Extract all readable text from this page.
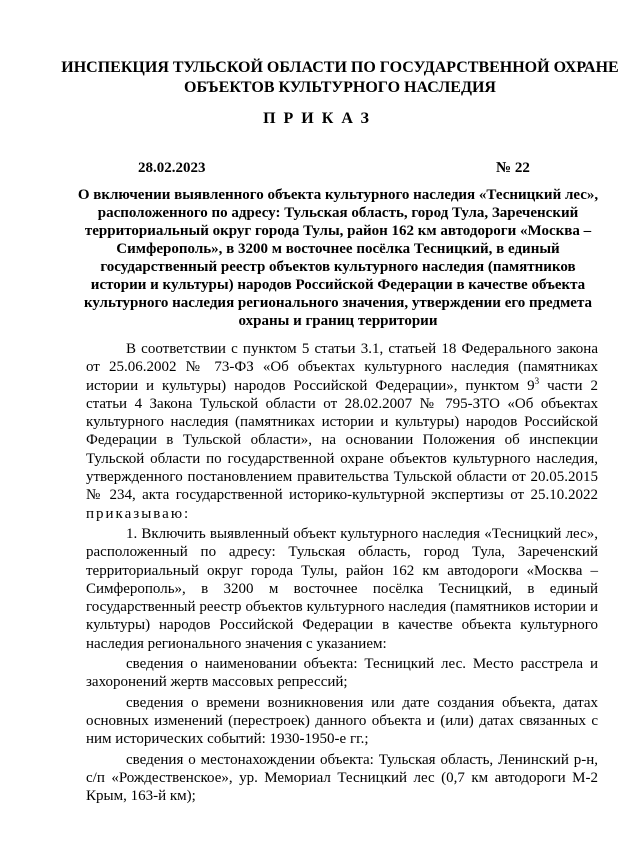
ИНСПЕКЦИЯ ТУЛЬСКОЙ ОБЛАСТИ ПО ГОСУДАРСТВЕННОЙ ОХРАНЕ ОБЪЕКТОВ КУЛЬТУРНОГО НАСЛЕДИЯ
ПРИКАЗ
28.02.2023	№ 22
О включении выявленного объекта культурного наследия «Тесницкий лес», расположенного по адресу: Тульская область, город Тула, Зареченский территориальный округ города Тулы, район 162 км автодороги «Москва – Симферополь», в 3200 м восточнее посёлка Тесницкий, в единый государственный реестр объектов культурного наследия (памятников истории и культуры) народов Российской Федерации в качестве объекта культурного наследия регионального значения, утверждении его предмета охраны и границ территории

В соответствии с пунктом 5 статьи 3.1, статьей 18 Федерального закона от 25.06.2002 № 73-ФЗ «Об объектах культурного наследия (памятниках истории и культуры) народов Российской Федерации», пунктом $9^3$ части 2 статьи 4 Закона Тульской области от 28.02.2007 № 795-ЗТО «Об объектах культурного наследия (памятниках истории и культуры) народов Российской Федерации в Тульской области», на основании Положения об инспекции Тульской области по государственной охране объектов культурного наследия, утвержденного постановлением правительства Тульской области от 20.05.2015 № 234, акта государственной историко-культурной экспертизы от 25.10.2022 приказываю:

1. Включить выявленный объект культурного наследия «Тесницкий лес», расположенный по адресу: Тульская область, город Тула, Зареченский территориальный округ города Тулы, район 162 км автодороги «Москва – Симферополь», в 3200 м восточнее посёлка Тесницкий, в единый государственный реестр объектов культурного наследия (памятников истории и культуры) народов Российской Федерации в качестве объекта культурного наследия регионального значения с указанием:

сведения о наименовании объекта: Тесницкий лес. Место расстрела и захоронений жертв массовых репрессий;

сведения о времени возникновения или дате создания объекта, датах основных изменений (перестроек) данного объекта и (или) датах связанных с ним исторических событий: 1930-1950-е гг.;

сведения о местонахождении объекта: Тульская область, Ленинский р-н, с/п «Рождественское», ур. Мемориал Тесницкий лес (0,7 км автодороги М-2 Крым, 163-й км);
